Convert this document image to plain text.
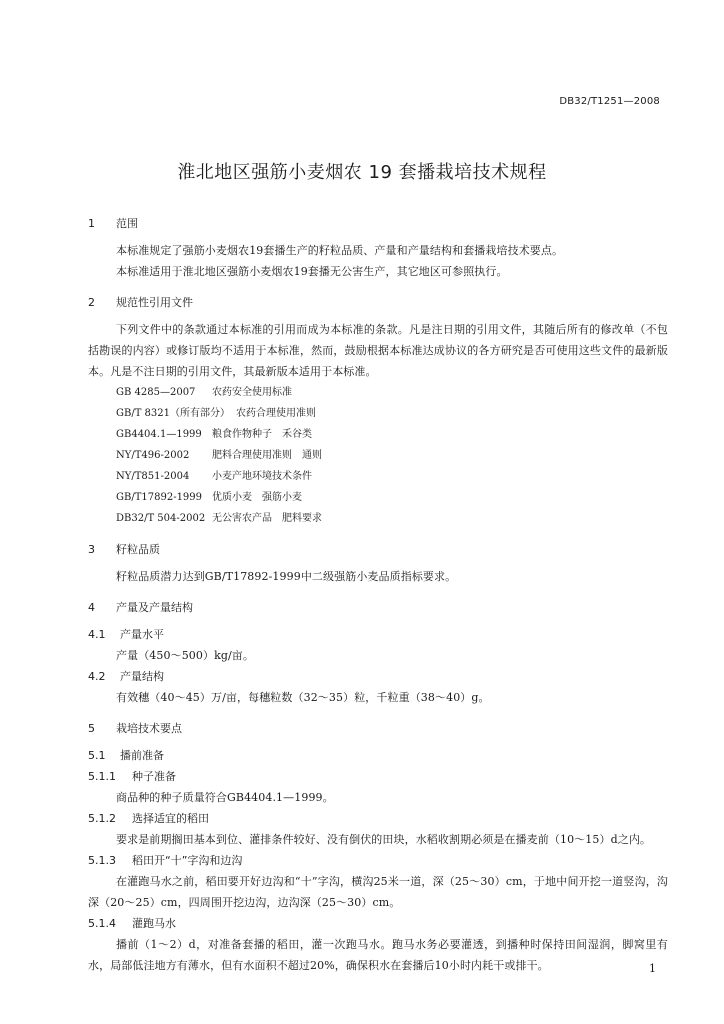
DB32/T1251—2008
淮北地区强筋小麦烟农 19 套播栽培技术规程
1 范围
本标准规定了强筋小麦烟农19套播生产的籽粒品质、产量和产量结构和套播栽培技术要点。
本标准适用于淮北地区强筋小麦烟农19套播无公害生产，其它地区可参照执行。
2 规范性引用文件
下列文件中的条款通过本标准的引用而成为本标准的条款。凡是注日期的引用文件，其随后所有的修改单（不包括勘误的内容）或修订版均不适用于本标准，然而，鼓励根据本标准达成协议的各方研究是否可使用这些文件的最新版本。凡是不注日期的引用文件，其最新版本适用于本标准。
GB 4285—2007 农药安全使用标准
GB/T 8321（所有部分） 农药合理使用准则
GB4404.1—1999 粮食作物种子　禾谷类
NY/T496-2002 肥料合理使用准则　通则
NY/T851-2004 小麦产地环境技术条件
GB/T17892-1999 优质小麦　强筋小麦
DB32/T 504-2002 无公害农产品　肥料要求
3 籽粒品质
籽粒品质潜力达到GB/T17892-1999中二级强筋小麦品质指标要求。
4 产量及产量结构
4.1 产量水平
产量（450～500）kg/亩。
4.2 产量结构
有效穗（40～45）万/亩，每穗粒数（32～35）粒，千粒重（38～40）g。
5 栽培技术要点
5.1 播前准备
5.1.1 种子准备
商品种的种子质量符合GB4404.1—1999。
5.1.2 选择适宜的稻田
要求是前期搁田基本到位、灌排条件较好、没有倒伏的田块，水稻收割期必须是在播麦前（10～15）d之内。
5.1.3 稻田开“十”字沟和边沟
在灌跑马水之前，稻田要开好边沟和“十”字沟，横沟25米一道，深（25～30）cm，于地中间开挖一道竖沟，沟深（20～25）cm，四周围开挖边沟，边沟深（25～30）cm。
5.1.4 灌跑马水
播前（1～2）d，对准备套播的稻田，灌一次跑马水。跑马水务必要灌透，到播种时保持田间湿润，脚窝里有水，局部低洼地方有薄水，但有水面积不超过20%，确保积水在套播后10小时内耗干或排干。	1
